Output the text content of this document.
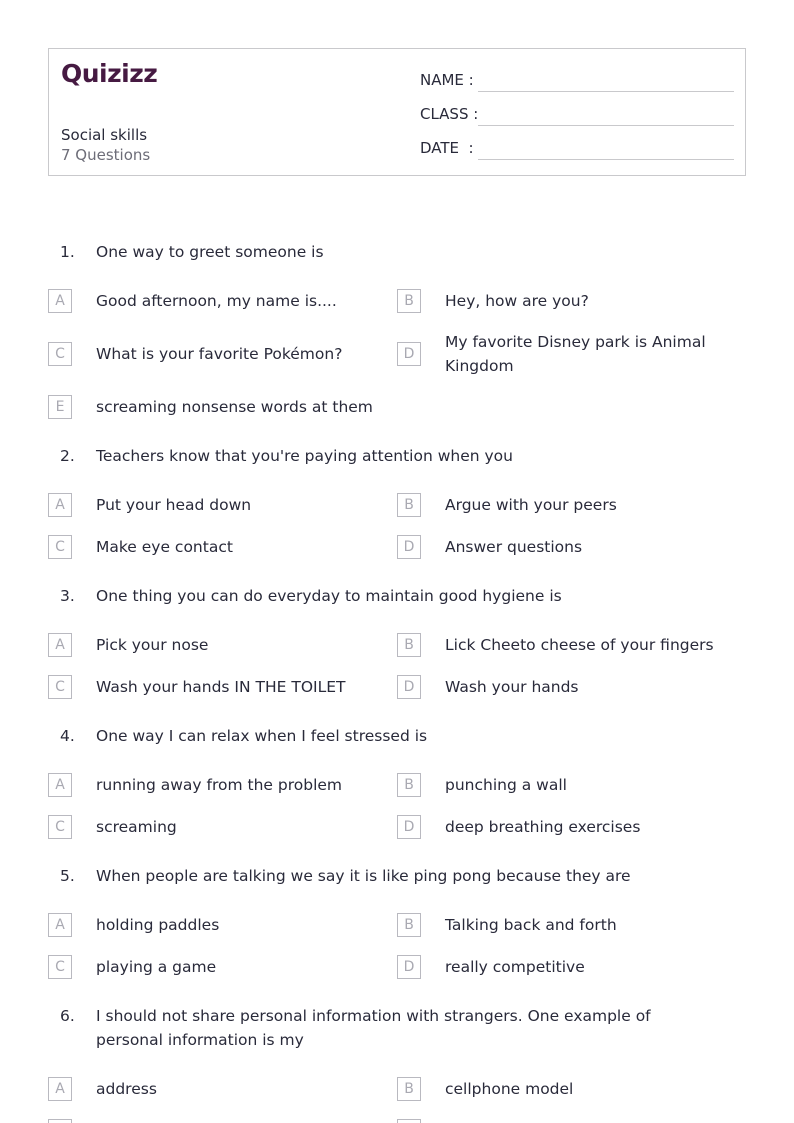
Quizizz
Social skills
7 Questions
NAME :
CLASS :
DATE  :
1.	One way to greet someone is
A	Good afternoon, my name is....	B	Hey, how are you?
C	What is your favorite Pokémon?	D
My favorite Disney park is Animal Kingdom
E	screaming nonsense words at them
2.	Teachers know that you're paying attention when you
A	Put your head down	B	Argue with your peers
C	Make eye contact	D	Answer questions
3.	One thing you can do everyday to maintain good hygiene is
A	Pick your nose	B	Lick Cheeto cheese of your fingers
C	Wash your hands IN THE TOILET	D	Wash your hands
4.	One way I can relax when I feel stressed is
A	running away from the problem	B	punching a wall
C	screaming	D	deep breathing exercises
5.	When people are talking we say it is like ping pong because they are
A	holding paddles	B	Talking back and forth
C	playing a game	D	really competitive
6.	I should not share personal information with strangers. One example of personal information is my
A	address	B	cellphone model
